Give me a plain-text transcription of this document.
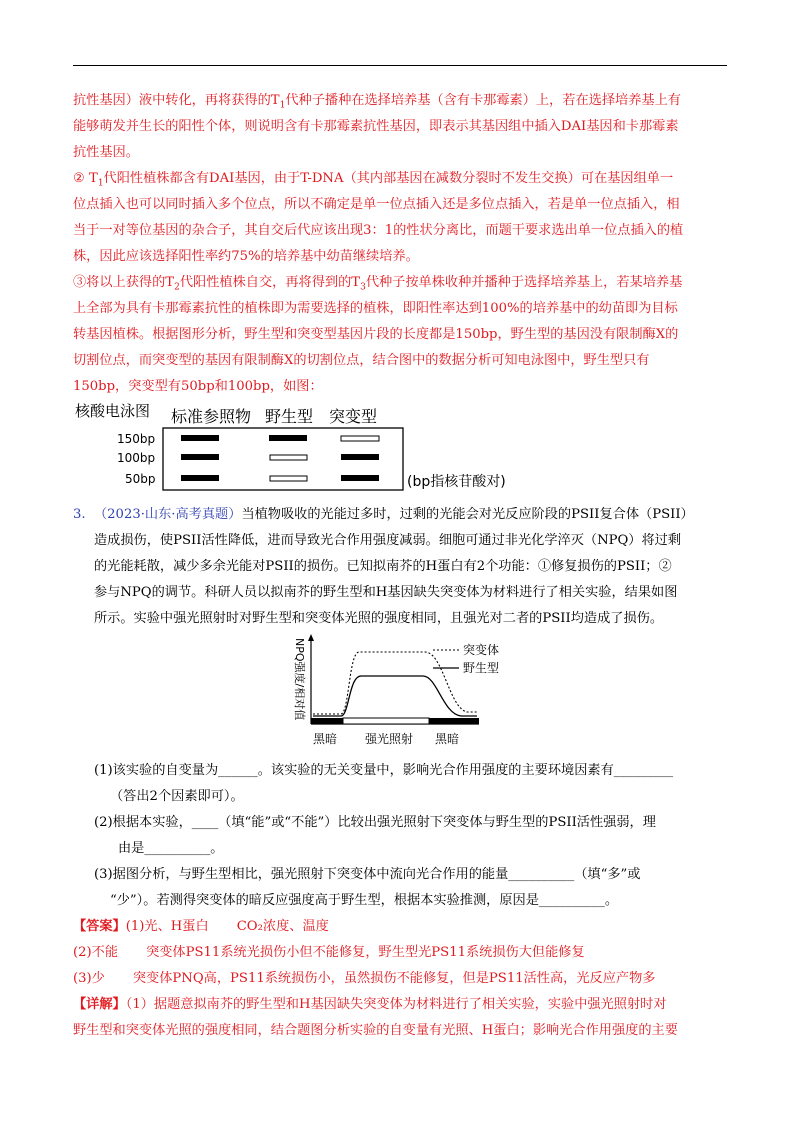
抗性基因）液中转化，再将获得的$T_1$代种子播种在选择培养基（含有卡那霉素）上，若在选择培养基上有

能够萌发并生长的阳性个体，则说明含有卡那霉素抗性基因，即表示其基因组中插入DAI基因和卡那霉素

抗性基因。

② $T_1$代阳性植株都含有DAI基因，由于T-DNA（其内部基因在减数分裂时不发生交换）可在基因组单一

位点插入也可以同时插入多个位点，所以不确定是单一位点插入还是多位点插入，若是单一位点插入，相

当于一对等位基因的杂合子，其自交后代应该出现3：1的性状分离比，而题干要求选出单一位点插入的植

株，因此应该选择阳性率约75%的培养基中幼苗继续培养。

③将以上获得的$T_2$代阳性植株自交，再将得到的$T_3$代种子按单株收种并播种于选择培养基上，若某培养基

上全部为具有卡那霉素抗性的植株即为需要选择的植株，即阳性率达到100%的培养基中的幼苗即为目标

转基因植株。根据图形分析，野生型和突变型基因片段的长度都是150bp，野生型的基因没有限制酶X的

切割位点，而突变型的基因有限制酶X的切割位点，结合图中的数据分析可知电泳图中，野生型只有

150bp，突变型有50bp和100bp，如图：

核酸电泳图 标准参照物 野生型 突变型
150bp
100bp
50bp	(bp指核苷酸对)

3. （2023·山东·高考真题）当植物吸收的光能过多时，过剩的光能会对光反应阶段的PSII复合体（PSII）

造成损伤，使PSII活性降低，进而导致光合作用强度减弱。细胞可通过非光化学淬灭（NPQ）将过剩

的光能耗散，减少多余光能对PSII的损伤。已知拟南芥的H蛋白有2个功能：①修复损伤的PSII；②

参与NPQ的调节。科研人员以拟南芥的野生型和H基因缺失突变体为材料进行了相关实验，结果如图

所示。实验中强光照射时对野生型和突变体光照的强度相同，且强光对二者的PSII均造成了损伤。

NPQ强度/相对值	突变体
野生型
黑暗 强光照射 黑暗

(1)该实验的自变量为______。该实验的无关变量中，影响光合作用强度的主要环境因素有_________

（答出2个因素即可）。

(2)根据本实验，____（填“能”或“不能”）比较出强光照射下突变体与野生型的PSII活性强弱，理

由是__________。

(3)据图分析，与野生型相比，强光照射下突变体中流向光合作用的能量__________（填“多”或

“少”）。若测得突变体的暗反应强度高于野生型，根据本实验推测，原因是__________。

【答案】(1)光、H蛋白 CO₂浓度、温度

(2)不能 突变体PS11系统光损伤小但不能修复，野生型光PS11系统损伤大但能修复

(3)少 突变体PNQ高，PS11系统损伤小，虽然损伤不能修复，但是PS11活性高，光反应产物多

【详解】（1）据题意拟南芥的野生型和H基因缺失突变体为材料进行了相关实验，实验中强光照射时对

野生型和突变体光照的强度相同，结合题图分析实验的自变量有光照、H蛋白；影响光合作用强度的主要
